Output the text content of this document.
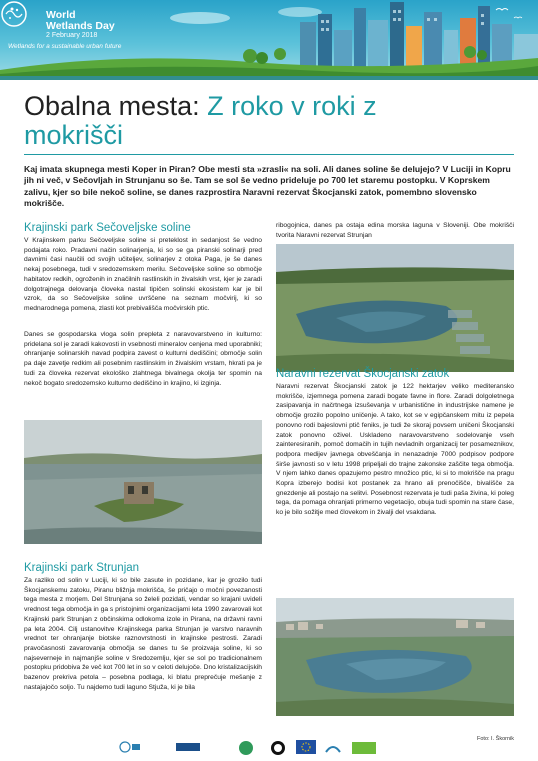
World
Wetlands Day
2 February 2018
Wetlands for a sustainable urban future
Obalna mesta: Z roko v roki z
mokrišči
Kaj imata skupnega mesti Koper in Piran? Obe mesti sta »zrasli« na soli. Ali danes soline še delujejo? V Luciji in Kopru jih ni več, v Sečovljah in Strunjanu so še. Tam se sol še vedno prideluje po 700 let staremu postopku. V Koprskem zalivu, kjer so bile nekoč soline, se danes razprostira Naravni rezervat Škocjanski zatok, pomembno slovensko mokrišče.
Krajinski park Sečoveljske soline
V Krajinskem parku Sečoveljske soline si preteklost in sedanjost še vedno podajata roko. Pradavni način solinarjenja, ki so se ga piranski solinarji pred davnimi časi naučili od svojih učiteljev, solinarjev z otoka Paga, je še danes nekaj posebnega, tudi v sredozemskem merilu. Sečoveljske soline so območje habitatov redkih, ogroženih in značilnih rastlinskih in živalskih vrst, kjer je zaradi dolgotrajnega delovanja človeka nastal tipičen solinski ekosistem kar je bil vzrok, da so Sečoveljske soline uvrščene na seznam močvirij, ki so mednarodnega pomena, zlasti kot prebivališča močvirskih ptic.
Danes se gospodarska vloga solin prepleta z naravovarstveno in kulturno: pridelana sol je zaradi kakovosti in vsebnosti mineralov cenjena med uporabniki; ohranjanje solinarskih navad podpira zavest o kulturni dediščini; območje solin pa daje zavetje redkim ali posebnim rastlinskim in živalskim vrstam, hkrati pa je tudi za človeka rezervat ekološko zlahtnega bivalnega okolja ter spomin na nekoč bogato sredozemsko kulturno dediščino in krajino, ki izginja.
Krajinski park Strunjan
Za razliko od solin v Luciji, ki so bile zasute in pozidane, kar je grozilo tudi Škocjanskemu zatoku, Piranu bližnja mokrišča, še pričajo o močni povezanosti tega mesta z morjem. Del Strunjana so želeli pozidati, vendar so krajani uvideli vrednost tega območja in ga s pristojnimi organizacijami leta 1990 zavarovali kot Krajinski park Strunjan z občinskima odlokoma izole in Pirana, na državni ravni pa leta 2004. Cilj ustanovitve Krajinskega parka Strunjan je varstvo naravnih vrednot ter ohranjanje biotske raznovrstnosti in krajinske pestrosti. Zaradi pravočasnosti zavarovanja območja se danes tu še proizvaja soline, ki so najseverneje in najmanjše soline v Sredozemlju, kjer se sol po tradicionalnem postopku pridobiva že več kot 700 let in so v celoti delujoče. Dno kristalizacijskih bazenov prekriva petola – posebna podlaga, ki blatu preprečuje mešanje z nastajajočo soljo. Tu najdemo tudi laguno Stjuža, ki je bila
ribogojnica, danes pa ostaja edina morska laguna v Sloveniji. Obe mokrišči tvorita Naravni rezervat Strunjan
Naravni rezervat Škocjanski zatok
Naravni rezervat Škocjanski zatok je 122 hektarjev veliko mediteransko mokrišče, izjemnega pomena zaradi bogate favne in flore. Zaradi dolgoletnega zasipavanja in načrtnega izsuševanja v urbanistične in industrijske namene je območje grozilo popolno uničenje. A tako, kot se v egipčanskem mitu iz pepela ponovno rodi bajeslovni ptič feniks, je tudi že skoraj povsem uničeni Škocjanski zatok ponovno oživel. Uskladeno naravovarstveno sodelovanje vseh zainteresiranih, pomoč domačih in tujih nevladnih organizacij ter posameznikov, podpora medijev javnega obveščanja in nenazadnje 7000 podpisov podpore širše javnosti so v letu 1998 pripeljali do trajne zakonske zaščite tega območja. V njem lahko danes opazujemo pestro množico ptic, ki si to mokrišče na pragu Kopra izberejo bodisi kot postanek za hrano ali prenočišče, bivališče za gnezdenje ali postajo na selitvi. Posebnost rezervata je tudi paša živina, ki poleg tega, da pomaga ohranjati primerno vegetacijo, obuja tudi spomin na stare čase, ko je bilo sožitje med človekom in živalji del vsakdana.
Foto: I. Škornik
